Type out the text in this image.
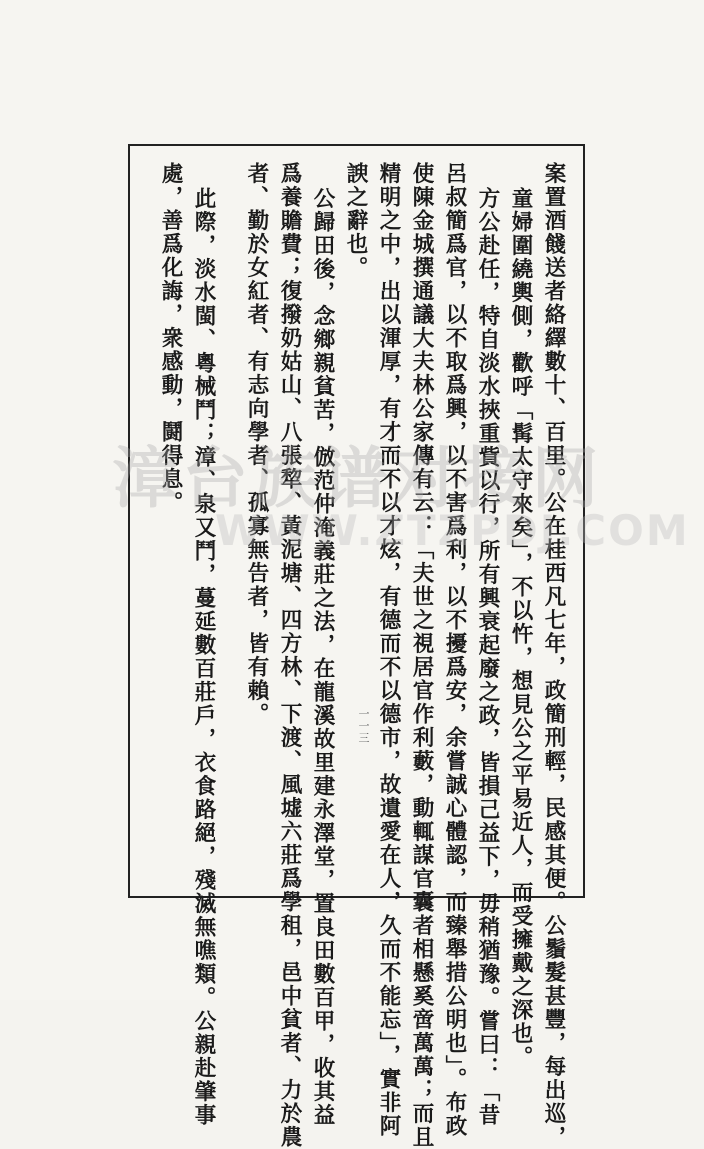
案置酒餞送者絡繹數十、百里。公在桂西凡七年，政簡刑輕，民感其便。公鬚髮甚豐，每出巡，
童婦圍繞輿側，歡呼「髯太守來矣」，不以忤，想見公之平易近人，而受擁戴之深也。
方公赴任，特自淡水挾重貲以行，所有興衰起廢之政，皆損己益下，毋稍猶豫。嘗曰：「昔
呂叔簡爲官，以不取爲興，以不害爲利，以不擾爲安，余嘗誠心體認，而臻舉措公明也」。布政
使陳金城撰通議大夫林公家傳有云：「夫世之視居官作利藪，動輒謀官囊者相懸奚啻萬萬；而且
精明之中，出以渾厚，有才而不以才炫，有德而不以德市，故遺愛在人，久而不能忘」，實非阿
諛之辭也。
公歸田後，念鄉親貧苦，倣范仲淹義莊之法，在龍溪故里建永澤堂，置良田數百甲，收其益
爲養贍費；復撥奶姑山、八張犂、黃泥塘、四方林、下渡、風墟六莊爲學租，邑中貧者、力於農
者、勤於女紅者、有志向學者、孤寡無告者，皆有賴。
此際，淡水閩、粵械鬥；漳、泉又鬥，蔓延數百莊戶，衣食路絕，殘滅無噍類。公親赴肇事
處，善爲化誨，衆感動，鬪得息。
一一三
漳台族谱对接网
WWW.ZTZPDJ.COM
